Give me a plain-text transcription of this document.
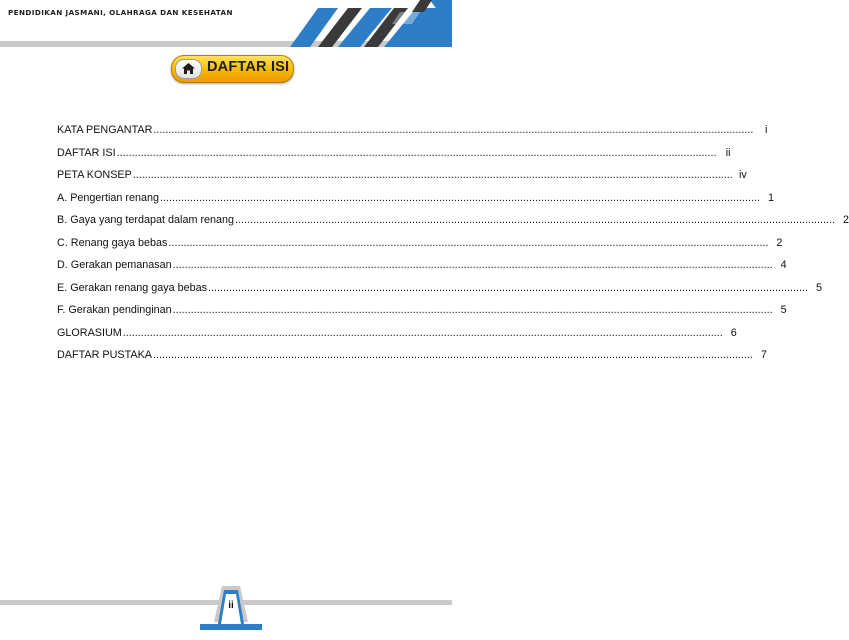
PENDIDIKAN JASMANI, OLAHRAGA DAN KESEHATAN
DAFTAR ISI
KATA PENGANTAR ........................................................................................................................................................................................................	i
DAFTAR ISI ........................................................................................................................................................................................................ ii
PETA KONSEP ........................................................................................................................................................................................................ iv
A. Pengertian renang ........................................................................................................................................................................................................ 1
B. Gaya yang terdapat dalam renang ........................................................................................................................................................................................................ 2
C. Renang gaya bebas ........................................................................................................................................................................................................ 2
D. Gerakan pemanasan ........................................................................................................................................................................................................ 4
E. Gerakan renang gaya bebas ........................................................................................................................................................................................................ 5
F. Gerakan pendinginan ........................................................................................................................................................................................................ 5
GLORASIUM ........................................................................................................................................................................................................ 6
DAFTAR PUSTAKA ........................................................................................................................................................................................................ 7
ii
